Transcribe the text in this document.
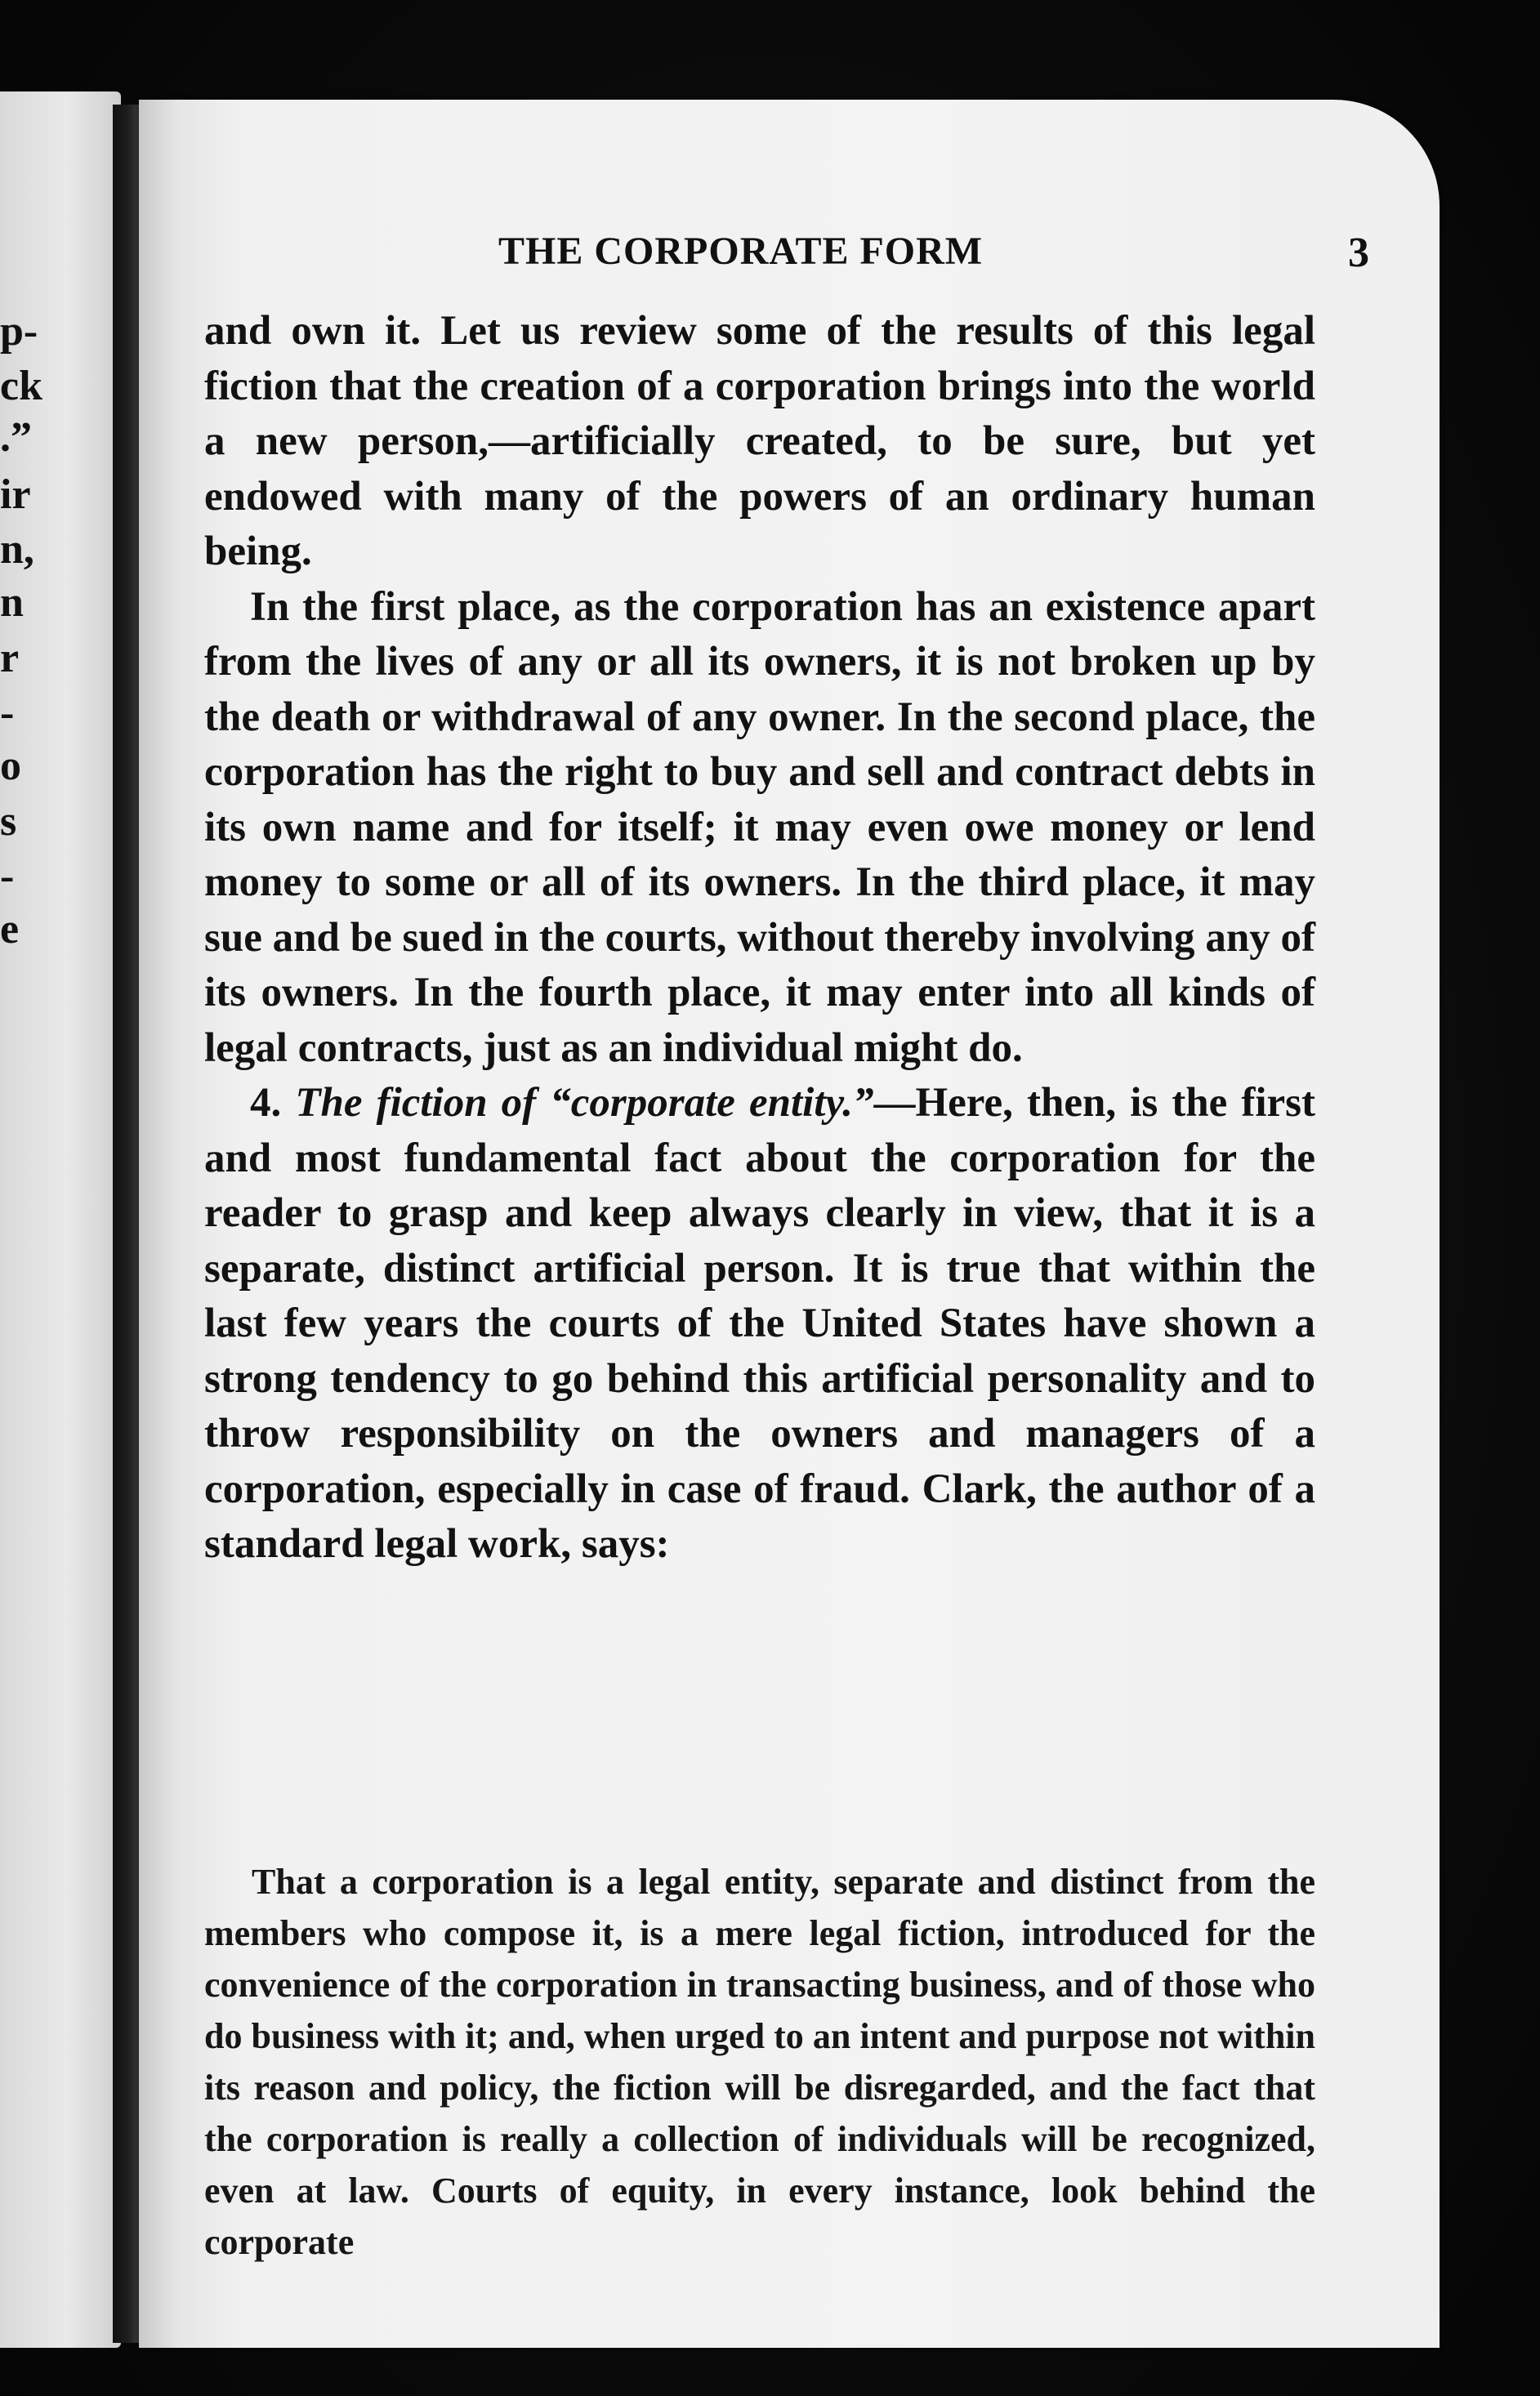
p-
ck
.”
ir
n,
n
r
-
o
s
-
e
THE CORPORATE FORM	3

and own it. Let us review some of the results of this legal fiction that the creation of a corporation brings into the world a new person,—artificially created, to be sure, but yet endowed with many of the powers of an ordinary human being.

In the first place, as the corporation has an existence apart from the lives of any or all its owners, it is not broken up by the death or withdrawal of any owner. In the second place, the corporation has the right to buy and sell and contract debts in its own name and for itself; it may even owe money or lend money to some or all of its owners. In the third place, it may sue and be sued in the courts, without thereby involving any of its owners. In the fourth place, it may enter into all kinds of legal contracts, just as an individual might do.

4. The fiction of “corporate entity.”—Here, then, is the first and most fundamental fact about the corporation for the reader to grasp and keep always clearly in view, that it is a separate, distinct artificial person. It is true that within the last few years the courts of the United States have shown a strong tendency to go behind this artificial personality and to throw responsibility on the owners and managers of a corporation, especially in case of fraud. Clark, the author of a standard legal work, says:

That a corporation is a legal entity, separate and distinct from the members who compose it, is a mere legal fiction, introduced for the convenience of the corporation in transacting business, and of those who do business with it; and, when urged to an intent and purpose not within its reason and policy, the fiction will be disregarded, and the fact that the corporation is really a collection of individuals will be recognized, even at law. Courts of equity, in every instance, look behind the corporate
